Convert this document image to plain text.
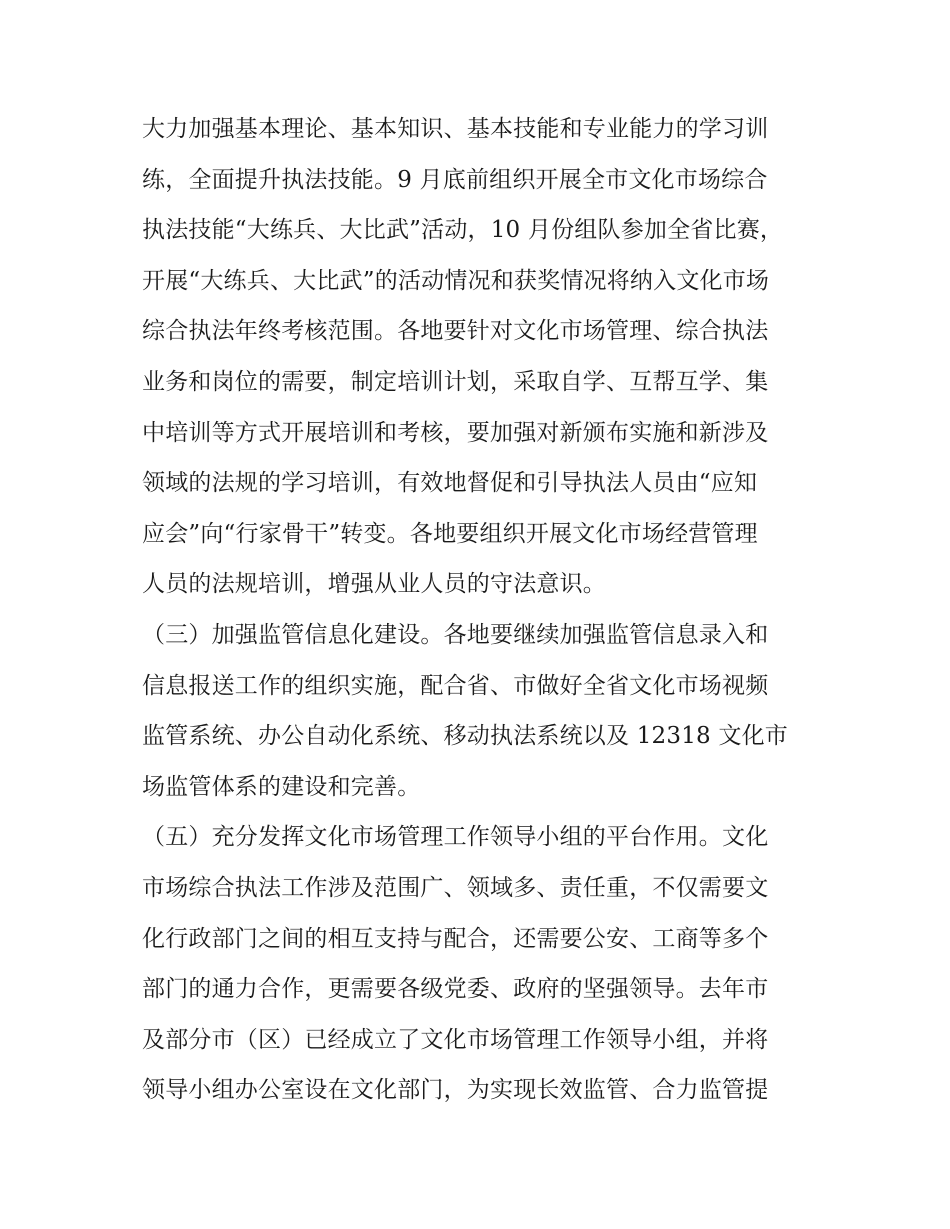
大力加强基本理论、基本知识、基本技能和专业能力的学习训
练，全面提升执法技能。9 月底前组织开展全市文化市场综合
执法技能“大练兵、大比武”活动，10 月份组队参加全省比赛，
开展“大练兵、大比武”的活动情况和获奖情况将纳入文化市场
综合执法年终考核范围。各地要针对文化市场管理、综合执法
业务和岗位的需要，制定培训计划，采取自学、互帮互学、集
中培训等方式开展培训和考核，要加强对新颁布实施和新涉及
领域的法规的学习培训，有效地督促和引导执法人员由“应知
应会”向“行家骨干”转变。各地要组织开展文化市场经营管理
人员的法规培训，增强从业人员的守法意识。
（三）加强监管信息化建设。各地要继续加强监管信息录入和
信息报送工作的组织实施，配合省、市做好全省文化市场视频
监管系统、办公自动化系统、移动执法系统以及 12318 文化市
场监管体系的建设和完善。
（五）充分发挥文化市场管理工作领导小组的平台作用。文化
市场综合执法工作涉及范围广、领域多、责任重，不仅需要文
化行政部门之间的相互支持与配合，还需要公安、工商等多个
部门的通力合作，更需要各级党委、政府的坚强领导。去年市
及部分市（区）已经成立了文化市场管理工作领导小组，并将
领导小组办公室设在文化部门，为实现长效监管、合力监管提
